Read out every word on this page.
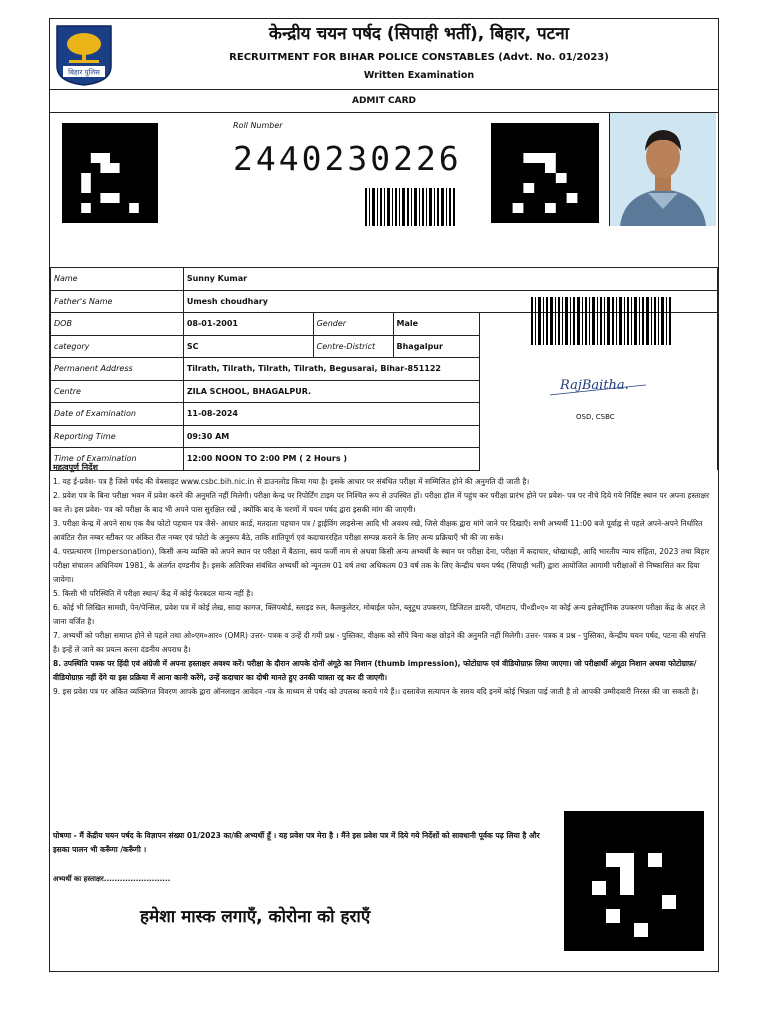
बिहार पुलिस
केन्द्रीय चयन पर्षद (सिपाही भर्ती), बिहार, पटना
RECRUITMENT FOR BIHAR POLICE CONSTABLES (Advt. No. 01/2023)
Written Examination
ADMIT CARD
Roll Number
2440230226
Name	Sunny Kumar			
Father's Name	Umesh choudhary			
DOB	08-01-2001	Gender	Male	
category	SC	Centre-District	Bhagalpur	
Permanent Address	Tilrath, Tilrath, Tilrath, Tilrath, Begusarai, Bihar-851122			
Centre	ZILA SCHOOL, BHAGALPUR.			
Date of Examination	11-08-2024			
Reporting Time	09:30 AM			
Time of Examination	12:00 NOON TO 2:00 PM ( 2 Hours )			
RajBaitha.
OSD, CSBC

महत्वपूर्ण निर्देश

1. यह ई-प्रवेश- पत्र है जिसे पर्षद की वेबसाइट www.csbc.bih.nic.in से डाउनलोड किया गया है। इसके आधार पर संबंधित परीक्षा में सम्मिलित होने की अनुमति दी जाती है।

2. प्रवेश पत्र के बिना परीक्षा भवन में प्रवेश करने की अनुमति नहीं मिलेगी। परीक्षा केन्द्र पर रिपोर्टिंग टाइम पर निश्चित रूप से उपस्थित हों। परीक्षा हॉल में पहुंच कर परीक्षा प्रारंभ होने पर प्रवेश- पत्र पर नीचे दिये गये निर्दिष्ट स्थान पर अपना हस्ताक्षर कर लें। इस प्रवेश- पत्र को परीक्षा के बाद भी अपने पास सुरक्षित रखें , क्योंकि बाद के चरणों में चयन पर्षद द्वारा इसकी मांग की जाएगी।

3. परीक्षा केन्द्र में अपने साथ एक वैध फोटो पहचान पत्र जैसे- आधार कार्ड, मतदाता पहचान पत्र / ड्राईविंग लाइसेन्स आदि भी अवश्य रखे, जिसे वीक्षक द्वारा मांगे जाने पर दिखाएँ। सभी अभ्यर्थी 11:00 बजे पूर्वाह्न से पहले अपने-अपने निर्धारित आवंटित रौल नम्बर स्टीकर पर अंकित रौल नम्बर एवं फोटो के अनुरूप बैठे, ताकि शांतिपूर्ण एवं कदाचाररहित परीक्षा सम्पन्न कराने के लिए अन्य प्रक्रियाएँ भी की जा सके।

4. परप्रत्थारण (Impersonation), किसी अन्य व्यक्ति को अपने स्थान पर परीक्षा में बैठाना, स्वयं फर्जी नाम से अथवा किसी अन्य अभ्यर्थी के स्थान पर परीक्षा देना, परीक्षा में कदाचार, धोखाधड़ी, आदि भारतीय न्याय संहिता, 2023 तथा बिहार परीक्षा संचालन अधिनियम 1981, के अंतर्गत दण्डनीय है। इसके अतिरिक्त संबंधित अभ्यर्थी को न्यूनतम 01 वर्ष तथा अधिकतम 03 वर्ष तक के लिए केन्द्रीय चयन पर्षद (सिपाही भर्ती) द्वारा आयोजित आगामी परीक्षाओं से निष्कासित कर दिया जायेगा।

5. किसी भी परिस्थिति में परीक्षा स्थान/ केंद्र में कोई फेरबदल मान्य नहीं है।

6. कोई भी लिखित सामग्री, पेन/पेन्सिल, प्रवेश पत्र में कोई लेख, सादा कागज, क्लिपबोर्ड, स्लाइड रुल, कैलकुलेटर, मोबाईल फोन, ब्लूटूथ उपकरण, डिजिटल डायरी, पॉमटाप, पी०डी०ए० या कोई अन्य इलेक्ट्रॉनिक उपकरण परीक्षा केंद्र के अंदर ले जाना वर्जित है।

7. अभ्यर्थी को परीक्षा समाप्त होने से पहले तथा ओ०एम०आर० (OMR) उत्तर- पत्रक व उन्हें दी गयी प्रश्न - पुस्तिका, वीक्षक को सौंपे बिना कक्ष छोड़ने की अनुमति नहीं मिलेगी। उत्तर- पत्रक व प्रश्न - पुस्तिका, केन्द्रीय चयन पर्षद, पटना की संपत्ति है। इन्हें ले जाने का प्रयत्न करना दंडनीय अपराध है।

8. उपस्थिति पत्रक पर हिंदी एवं अंग्रेजी में अपना हस्ताक्षर अवश्य करें। परीक्षा के दौरान आपके दोनों अंगूठे का निशान (thumb impression), फोटोग्राफ एवं वीडियोग्राफ़ लिया जाएगा। जो परीक्षार्थी अंगूठा निशान अथवा फोटोग्राफ़/वीडियोग्राफ़ नहीं देंगे या इस प्रक्रिया में आना कानी करेंगे, उन्हें कदाचार का दोषी मानते हुए उनकी पात्रता रद्द कर दी जाएगी।

9. इस प्रवेश पत्र पर अंकित व्यक्तिगत विवरण आपके द्वारा ऑनलाइन आवेदन -पत्र के माध्यम से पर्षद को उपलब्ध कराये गये हैं।। दस्तावेज सत्यापन के समय यदि इनमें कोई भिन्नता पाई जाती है तो आपकी उम्मीदवारी निरस्त की जा सकती है।

घोषणा - मैं केंद्रीय चयन पर्षद के विज्ञापन संख्या 01/2023 का/की अभ्यर्थी हूँ । यह प्रवेश पत्र मेरा है । मैंने इस प्रवेश पत्र में दिये गये निर्देशों को सावधानी पूर्वक पढ़ लिया है और इसका पालन भी करूँगा /करूँगी ।
अभ्यर्थी का हस्ताक्षर.........................
हमेशा मास्क लगाएँ, कोरोना को हराएँ
